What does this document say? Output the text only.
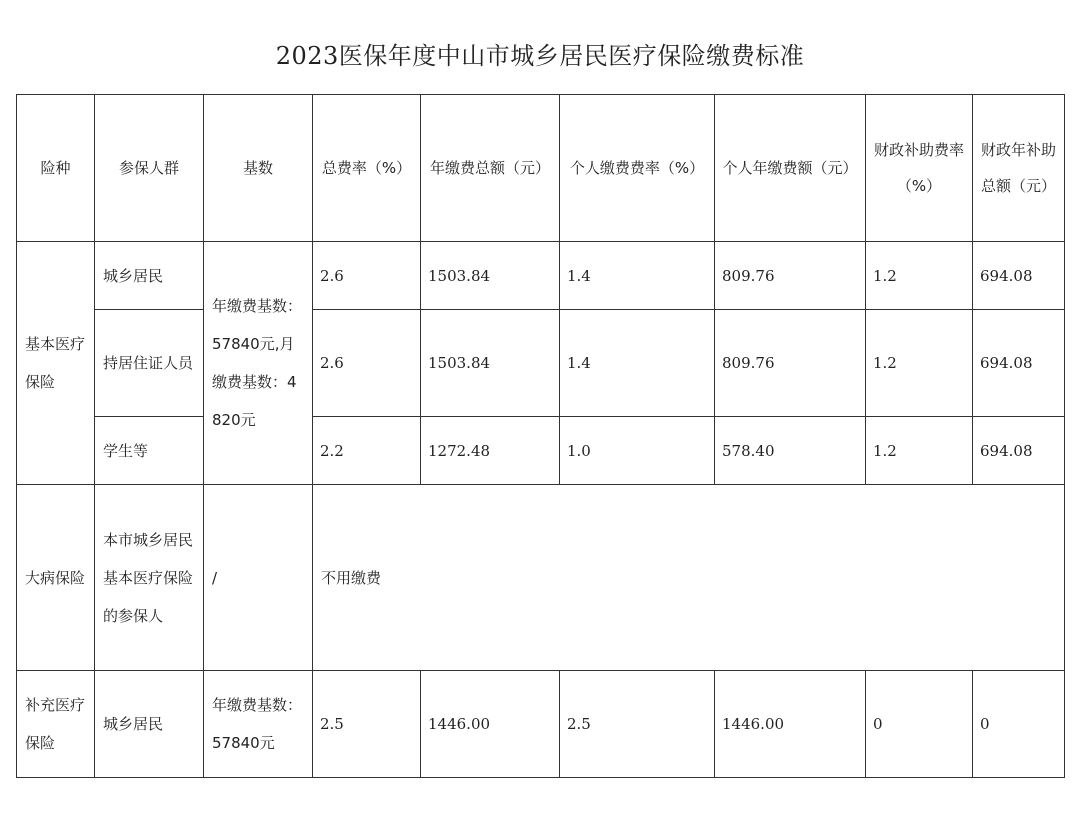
2023医保年度中山市城乡居民医疗保险缴费标准
险种	参保人群	基数	总费率（%）	年缴费总额（元）	个人缴费费率（%）	个人年缴费额（元）	财政补助费率（%）	财政年补助总额（元）
基本医疗保险	城乡居民	年缴费基数：57840元,月缴费基数：4820元	2.6	1503.84	1.4	809.76	1.2	694.08
	持居住证人员		2.6	1503.84	1.4	809.76	1.2	694.08
	学生等		2.2	1272.48	1.0	578.40	1.2	694.08
大病保险	本市城乡居民基本医疗保险的参保人	/	不用缴费					
补充医疗保险	城乡居民	年缴费基数：57840元	2.5	1446.00	2.5	1446.00	0	0
